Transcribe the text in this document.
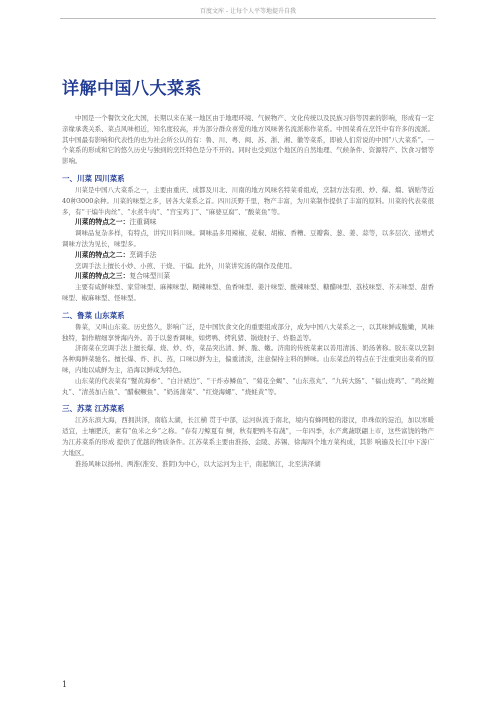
百度文库 - 让每个人平等地提升自我
详解中国八大菜系

中国是一个餐饮文化大国，长期以来在某一地区由于地理环境、气候物产、文化传统以及民族习俗等因素的影响，形成有一定亲缘承袭关系、菜点风味相近，知名度较高，并为部分群众喜爱的地方风味著名流派称作菜系。中国菜肴在烹饪中有许多的流派。其中国最有影响和代表性的也为社会所公认的有：鲁、川、粤、闽、苏、浙、湘、徽等菜系，即被人们常说的中国“八大菜系”。一个菜系的形成和它的悠久历史与独到的烹饪特色是分不开的。同时也受到这个地区的自然地理、气候条件、资源特产、饮食习惯等影响。

一、川菜 四川菜系

川菜是中国八大菜系之一，主要由重庆、成都及川北、川南的地方风味名特菜肴组成，烹制方法有煎、炒、爆、熘、锅贴等近40种3000余种。川菜的味型之多，居各大菜系之首。四川沃野千里，物产丰富，为川菜制作提供了丰富的原料。川菜的代表菜很多，有“干煸牛肉丝”、“水煮牛肉”、“宫宝鸡丁”、“麻婆豆腐”、“酸菜鱼”等。

川菜的特点之一：注重调味

调味品复杂多样，有特点，讲究川料川味。调味品多用辣椒、花椒、胡椒、香糟、豆瓣酱、葱、姜、蒜等，以多层次、递增式调味方法为见长，味型多。

川菜的特点之二：烹调手法

烹调手法上擅长小炒、小煎、干烧、干煸。此外，川菜讲究汤的制作及使用。

川菜的特点之三：复合味型川菜

主要有咸鲜味型、家常味型、麻辣味型、糊辣味型、鱼香味型、姜汁味型、酸辣味型、糖醋味型、荔枝味型、芥末味型、甜香味型、椒麻味型、怪味型。

二、鲁菜 山东菜系

鲁菜，又叫山东菜。历史悠久，影响广泛，是中国饮食文化的重要组成部分，成为中国八大菜系之一，以其味鲜咸脆嫩，风味独特，制作精细享誉海内外。善于以葱香调味，如烤鸭、烤乳猪、锅烧肘子、炸脂盖等。

济南菜在烹调手法上擅长爆、烧、炒、炸，菜品突出清、鲜、脆、嫩。济南的传统菜素以善用清汤、奶汤著称。胶东菜以烹制各种海鲜菜驰名。擅长爆、炸、扒、蒸，口味以鲜为主，偏重清淡，注意保持主料的鲜味。山东菜总的特点在于注重突出菜肴的原味，内地以咸鲜为主，沿海以鲜咸为特色。

山东菜的代表菜有“蟹黄海参”、“白汁裙边”、“干炸赤鳞鱼”、“菊花全蝎”、“山东蒸丸”、“九转大肠”、“福山烧鸡”、“鸡丝鲍丸”、“清蒸加吉鱼”、“醋椒鳜鱼”、“奶汤蒲菜”、“红烧海螺”、“烧蚝黄”等。

三、苏菜 江苏菜系

江苏东滨大海，西拥洪泽，南临太湖，长江横 贯于中部，运河纵流于南北，境内有蜂网般的港汊，串珠似的淀泊，加以寒暖适宜，土壤肥沃，素有“鱼米之乡”之称。“春有刀鲸夏有 鲥，秋有肥鸭冬有蔬”，一年四季，水产禽蔬联翩上市，这些富饶的物产为江苏菜系的形成 提供了优越的物质条件。江苏菜系主要由淮扬、金陵、苏锡、徐海四个地方菜构成，其影 响遍及长江中下游广大地区。

淮扬风味以扬州、两淮(淮安、淮阴)为中心，以大运河为主干，南起镇江，北至洪泽湖

1
